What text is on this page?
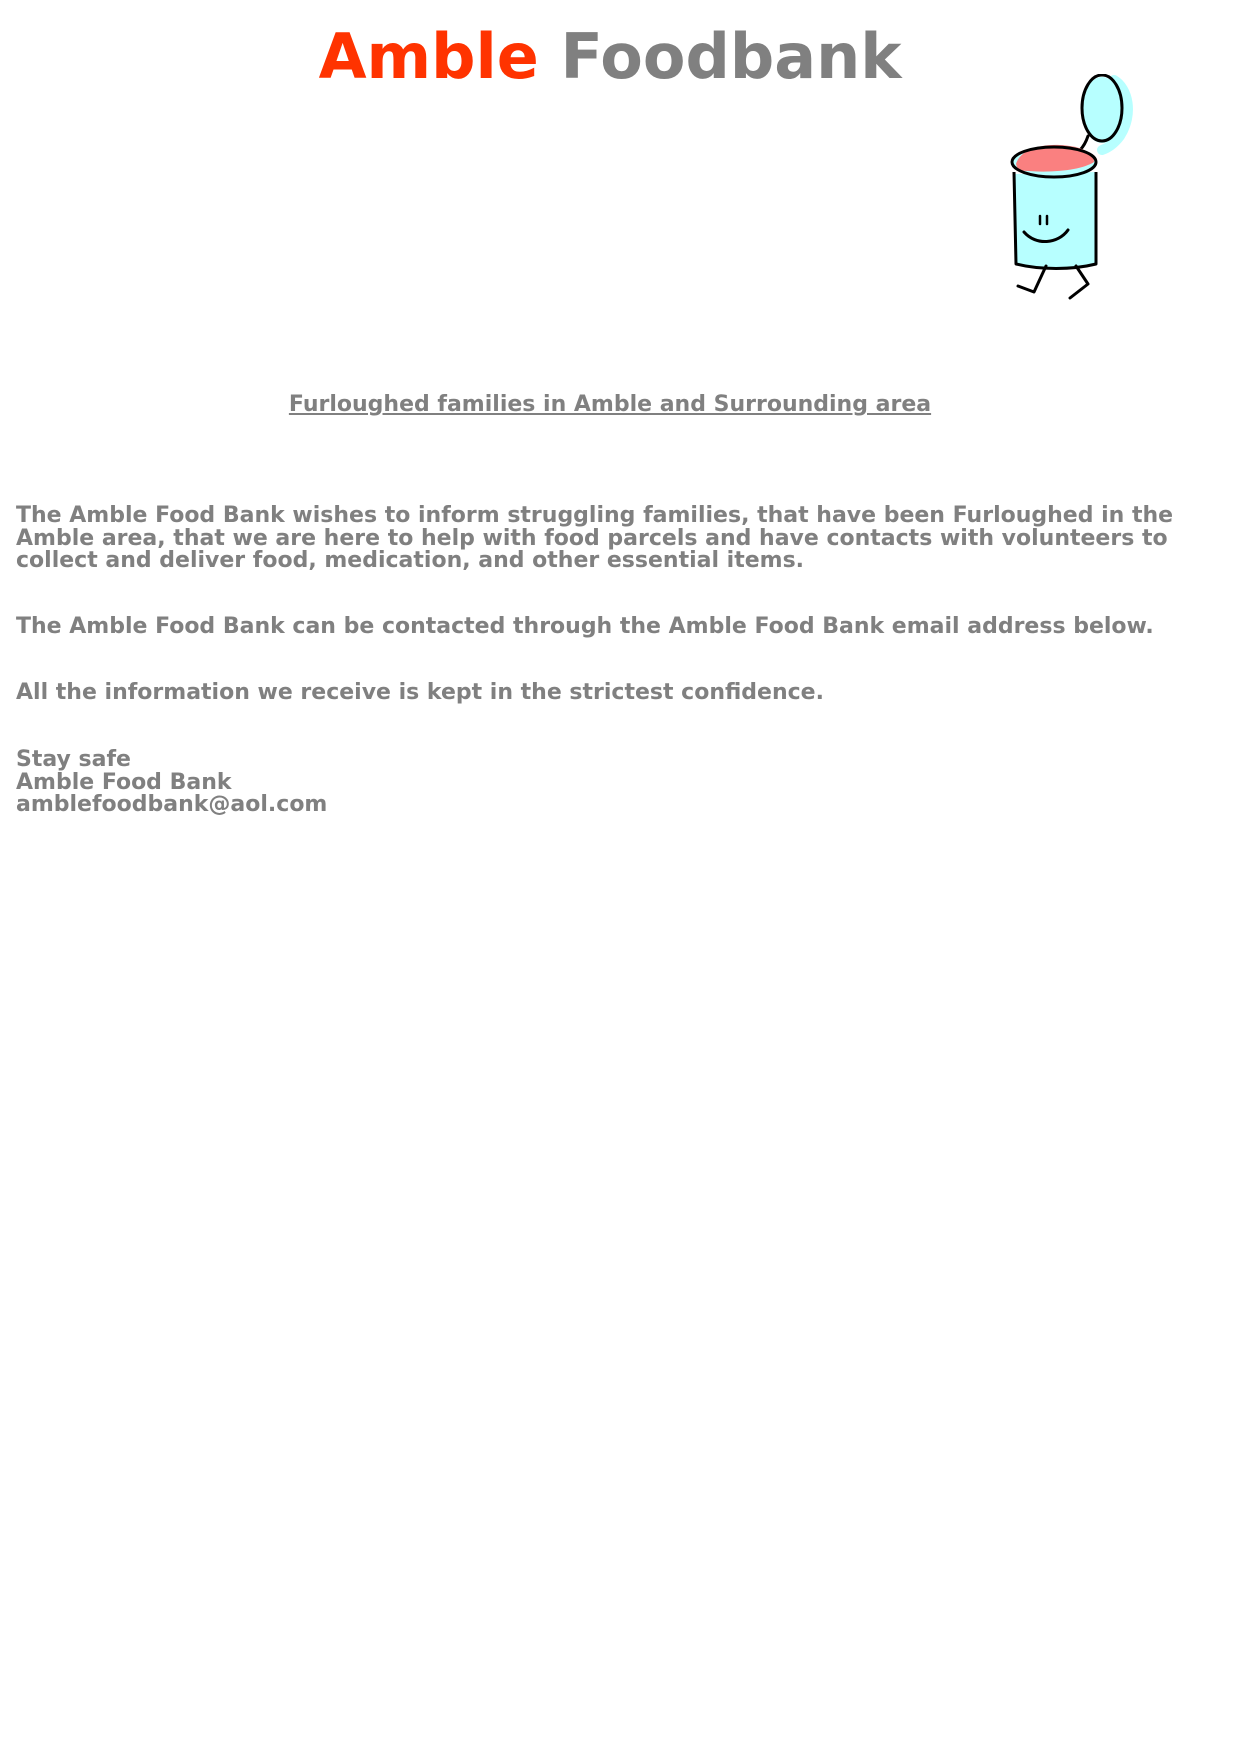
Amble Foodbank

Furloughed families in Amble and Surrounding area

The Amble Food Bank wishes to inform struggling families, that have been Furloughed in the Amble area, that we are here to help with food parcels and have contacts with volunteers to collect and deliver food, medication, and other essential items.

The Amble Food Bank can be contacted through the Amble Food Bank email address below.

All the information we receive is kept in the strictest confidence.

Stay safe
Amble Food Bank
amblefoodbank@aol.com
